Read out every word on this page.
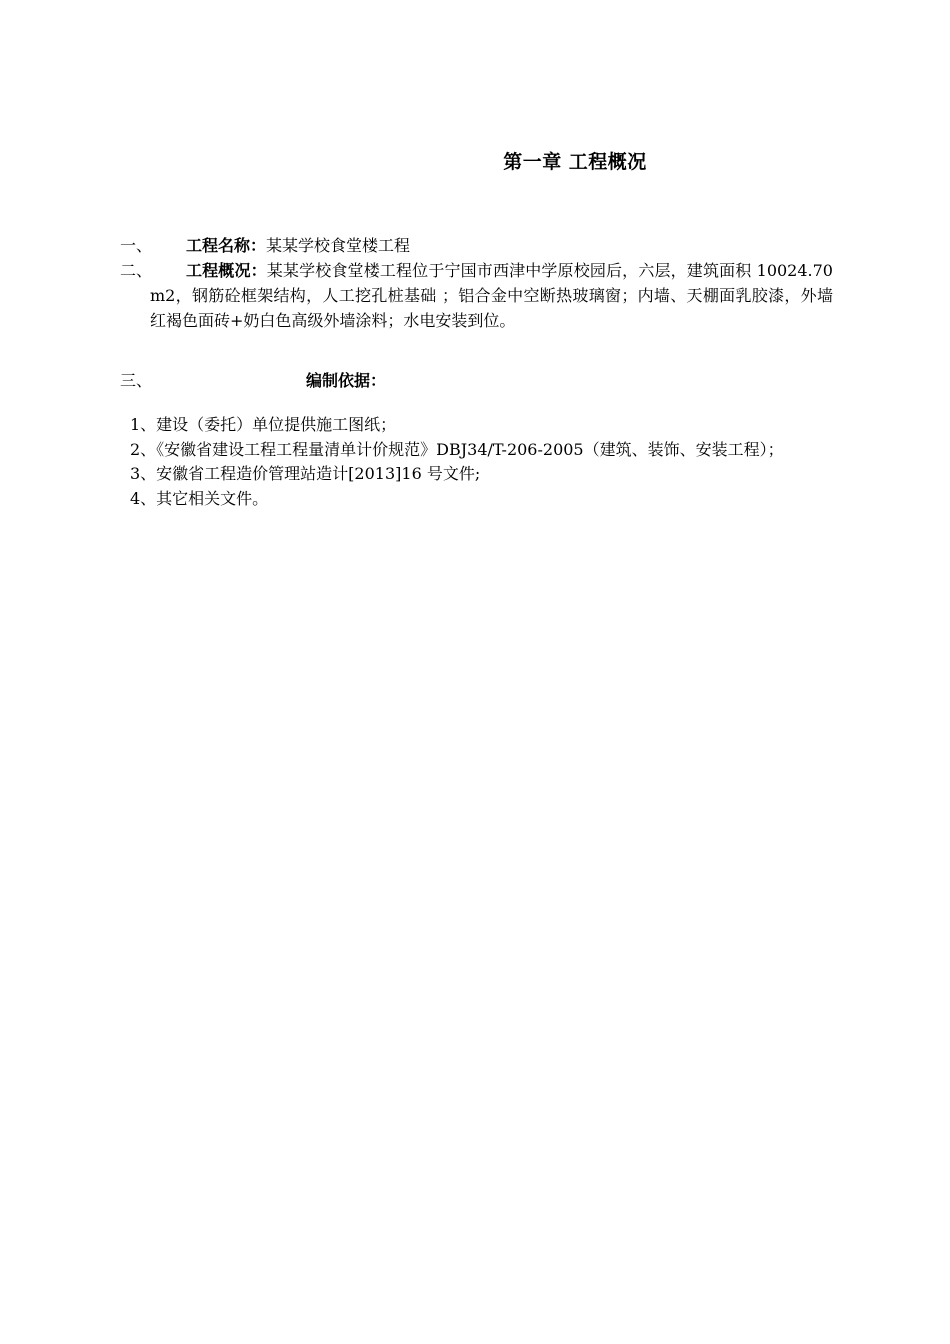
第一章 工程概况
一、 工程名称：某某学校食堂楼工程
二、	工程概况：某某学校食堂楼工程位于宁国市西津中学原校园后，六层，建筑面积 10024.70 m2，钢筋砼框架结构，人工挖孔桩基础 ；铝合金中空断热玻璃窗；内墙、天棚面乳胶漆，外墙红褐色面砖+奶白色高级外墙涂料；水电安装到位。
三、	编制依据：
1、建设（委托）单位提供施工图纸；
2、《安徽省建设工程工程量清单计价规范》DBJ34/T-206-2005（建筑、装饰、安装工程）；
3、安徽省工程造价管理站造计[2013]16 号文件;
4、其它相关文件。
